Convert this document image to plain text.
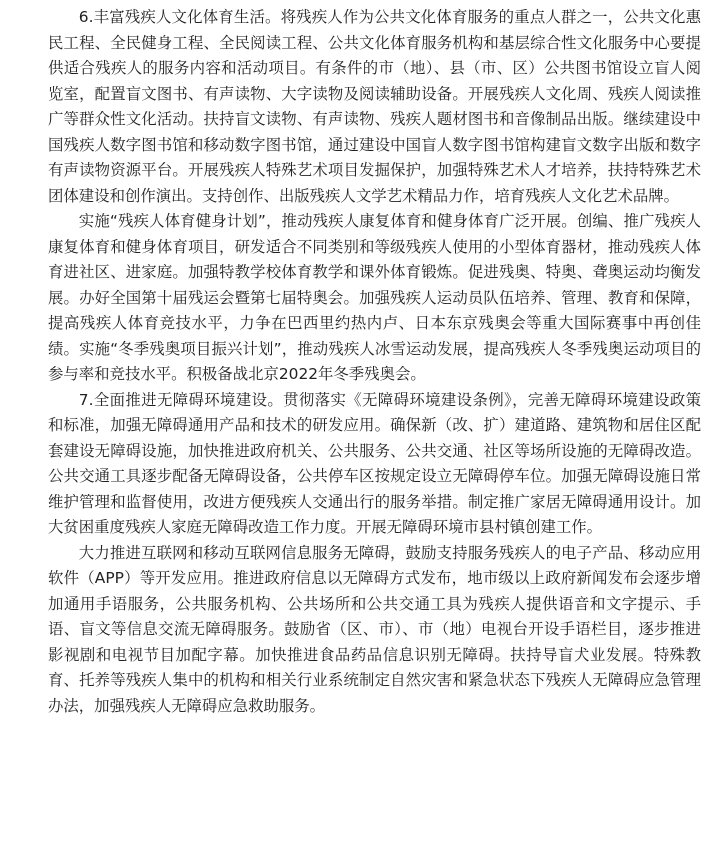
6.丰富残疾人文化体育生活。将残疾人作为公共文化体育服务的重点人群之一，公共文化惠民工程、全民健身工程、全民阅读工程、公共文化体育服务机构和基层综合性文化服务中心要提供适合残疾人的服务内容和活动项目。有条件的市（地）、县（市、区）公共图书馆设立盲人阅览室，配置盲文图书、有声读物、大字读物及阅读辅助设备。开展残疾人文化周、残疾人阅读推广等群众性文化活动。扶持盲文读物、有声读物、残疾人题材图书和音像制品出版。继续建设中国残疾人数字图书馆和移动数字图书馆，通过建设中国盲人数字图书馆构建盲文数字出版和数字有声读物资源平台。开展残疾人特殊艺术项目发掘保护，加强特殊艺术人才培养，扶持特殊艺术团体建设和创作演出。支持创作、出版残疾人文学艺术精品力作，培育残疾人文化艺术品牌。

实施“残疾人体育健身计划”，推动残疾人康复体育和健身体育广泛开展。创编、推广残疾人康复体育和健身体育项目，研发适合不同类别和等级残疾人使用的小型体育器材，推动残疾人体育进社区、进家庭。加强特教学校体育教学和课外体育锻炼。促进残奥、特奥、聋奥运动均衡发展。办好全国第十届残运会暨第七届特奥会。加强残疾人运动员队伍培养、管理、教育和保障，提高残疾人体育竞技水平，力争在巴西里约热内卢、日本东京残奥会等重大国际赛事中再创佳绩。实施“冬季残奥项目振兴计划”，推动残疾人冰雪运动发展，提高残疾人冬季残奥运动项目的参与率和竞技水平。积极备战北京2022年冬季残奥会。

7.全面推进无障碍环境建设。贯彻落实《无障碍环境建设条例》，完善无障碍环境建设政策和标准，加强无障碍通用产品和技术的研发应用。确保新（改、扩）建道路、建筑物和居住区配套建设无障碍设施，加快推进政府机关、公共服务、公共交通、社区等场所设施的无障碍改造。公共交通工具逐步配备无障碍设备，公共停车区按规定设立无障碍停车位。加强无障碍设施日常维护管理和监督使用，改进方便残疾人交通出行的服务举措。制定推广家居无障碍通用设计。加大贫困重度残疾人家庭无障碍改造工作力度。开展无障碍环境市县村镇创建工作。

大力推进互联网和移动互联网信息服务无障碍，鼓励支持服务残疾人的电子产品、移动应用软件（APP）等开发应用。推进政府信息以无障碍方式发布，地市级以上政府新闻发布会逐步增加通用手语服务，公共服务机构、公共场所和公共交通工具为残疾人提供语音和文字提示、手语、盲文等信息交流无障碍服务。鼓励省（区、市）、市（地）电视台开设手语栏目，逐步推进影视剧和电视节目加配字幕。加快推进食品药品信息识别无障碍。扶持导盲犬业发展。特殊教育、托养等残疾人集中的机构和相关行业系统制定自然灾害和紧急状态下残疾人无障碍应急管理办法，加强残疾人无障碍应急救助服务。
